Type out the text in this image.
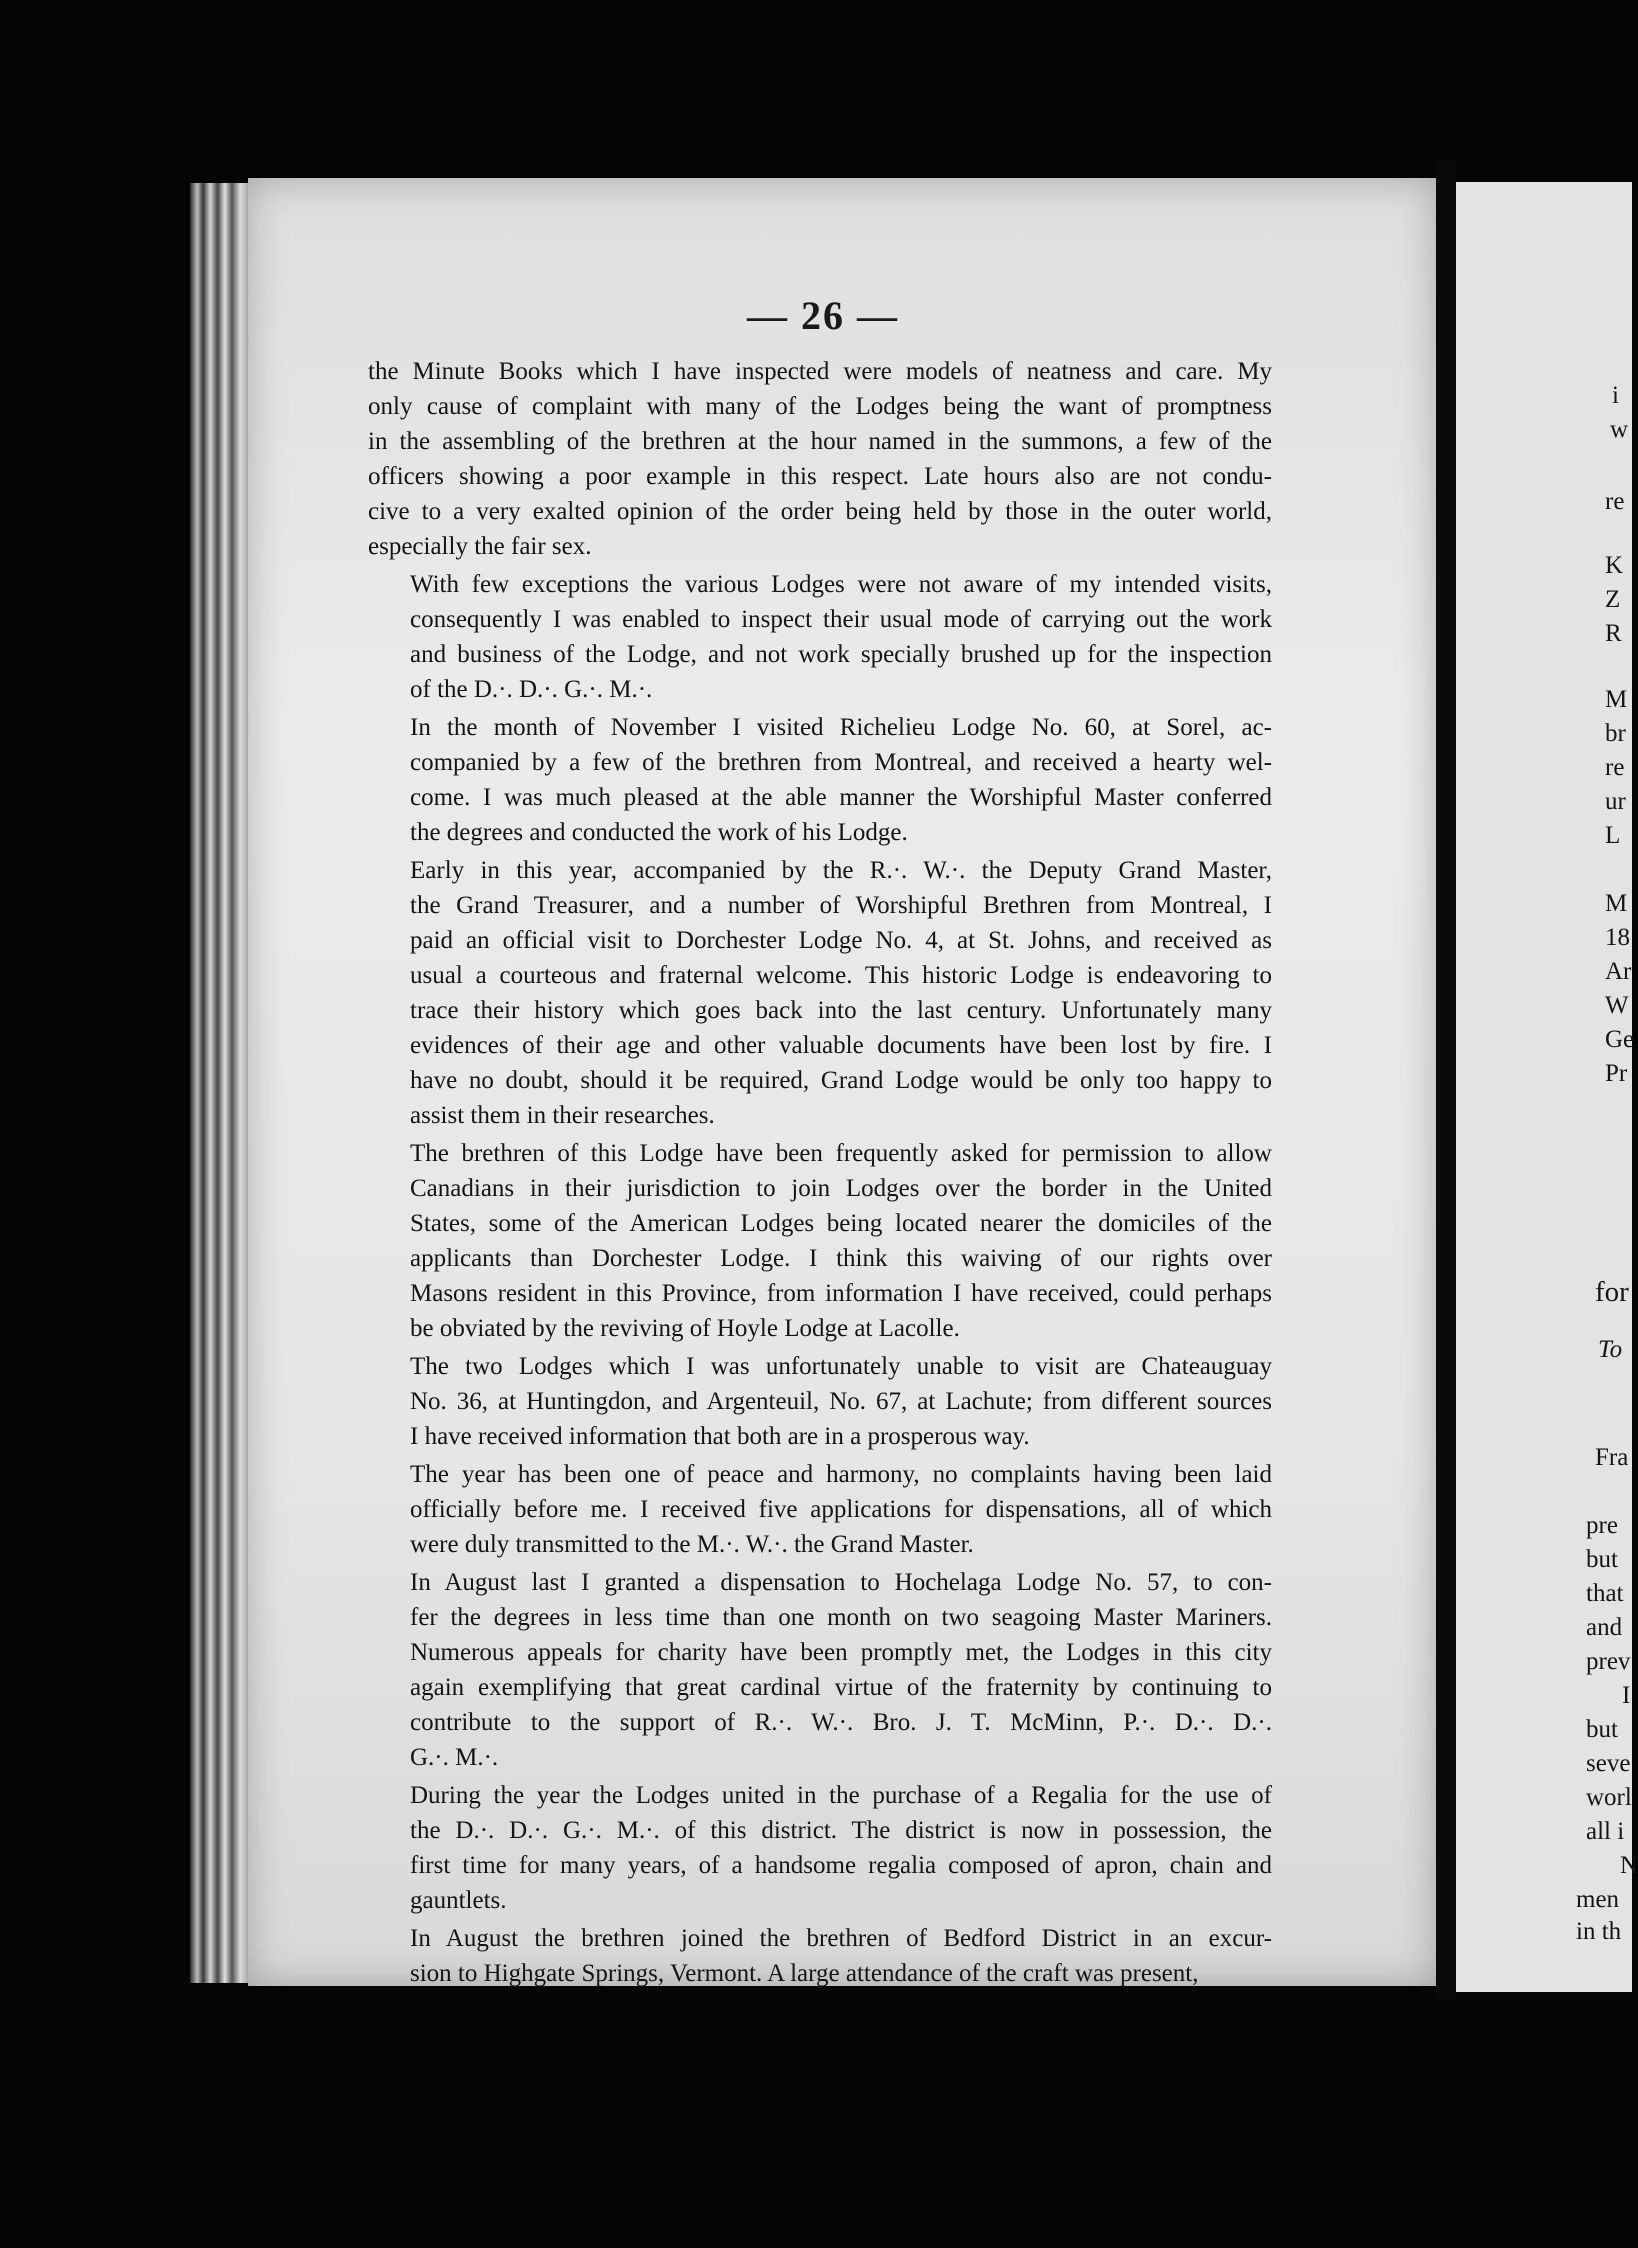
— 26 —
the Minute Books which I have inspected were models of neatness and care. My
only cause of complaint with many of the Lodges being the want of promptness
in the assembling of the brethren at the hour named in the summons, a few of the
officers showing a poor example in this respect. Late hours also are not condu-
cive to a very exalted opinion of the order being held by those in the outer world,
especially the fair sex.
With few exceptions the various Lodges were not aware of my intended visits,
consequently I was enabled to inspect their usual mode of carrying out the work
and business of the Lodge, and not work specially brushed up for the inspection
of the D.·. D.·. G.·. M.·.
In the month of November I visited Richelieu Lodge No. 60, at Sorel, ac-
companied by a few of the brethren from Montreal, and received a hearty wel-
come. I was much pleased at the able manner the Worshipful Master conferred
the degrees and conducted the work of his Lodge.
Early in this year, accompanied by the R.·. W.·. the Deputy Grand Master,
the Grand Treasurer, and a number of Worshipful Brethren from Montreal, I
paid an official visit to Dorchester Lodge No. 4, at St. Johns, and received as
usual a courteous and fraternal welcome. This historic Lodge is endeavoring to
trace their history which goes back into the last century. Unfortunately many
evidences of their age and other valuable documents have been lost by fire. I
have no doubt, should it be required, Grand Lodge would be only too happy to
assist them in their researches.
The brethren of this Lodge have been frequently asked for permission to allow
Canadians in their jurisdiction to join Lodges over the border in the United
States, some of the American Lodges being located nearer the domiciles of the
applicants than Dorchester Lodge. I think this waiving of our rights over
Masons resident in this Province, from information I have received, could perhaps
be obviated by the reviving of Hoyle Lodge at Lacolle.
The two Lodges which I was unfortunately unable to visit are Chateauguay
No. 36, at Huntingdon, and Argenteuil, No. 67, at Lachute; from different sources
I have received information that both are in a prosperous way.
The year has been one of peace and harmony, no complaints having been laid
officially before me. I received five applications for dispensations, all of which
were duly transmitted to the M.·. W.·. the Grand Master.
In August last I granted a dispensation to Hochelaga Lodge No. 57, to con-
fer the degrees in less time than one month on two seagoing Master Mariners.
Numerous appeals for charity have been promptly met, the Lodges in this city
again exemplifying that great cardinal virtue of the fraternity by continuing to
contribute to the support of R.·. W.·. Bro. J. T. McMinn, P.·. D.·. D.·.
G.·. M.·.
During the year the Lodges united in the purchase of a Regalia for the use of
the D.·. D.·. G.·. M.·. of this district. The district is now in possession, the
first time for many years, of a handsome regalia composed of apron, chain and
gauntlets.
In August the brethren joined the brethren of Bedford District in an excur-
sion to Highgate Springs, Vermont. A large attendance of the craft was present,
i
w
re
K
Z
R
M
br
re
ur
L
M
18
Ar
W
Ge
Pr
for
To
Fra
pre
but
that
and
prev
I
but
seve
worl
all i
N
men
in th
